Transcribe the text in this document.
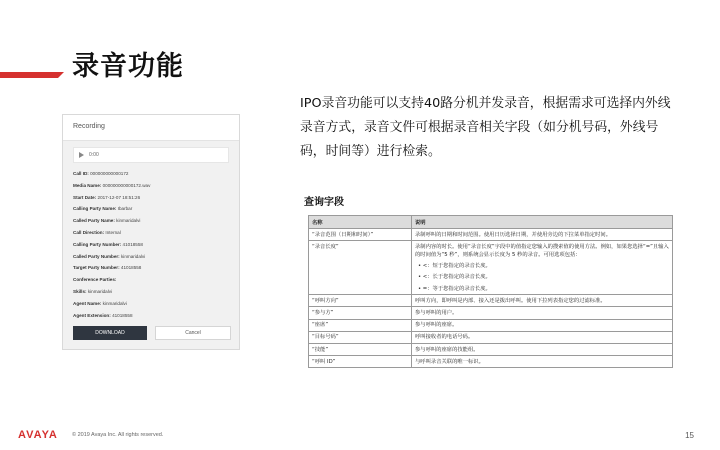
录音功能
Recording
0:00
Call ID: 000000000000172
Media Name: 000000000000172.wav
Start Date: 2017-12-07 18:51:26
Calling Party Name: Ibarbar
Called Party Name: kinmaridalvi
Call Direction: Internal
Calling Party Number: 41018558
Called Party Number: kinmaridalvi
Target Party Number: 41018558
Conference Parties:
Skills: kinmaridalvi
Agent Name: kinmaridalvi
Agent Extension: 41018558
DOWNLOAD	Cancel
IPO录音功能可以支持40路分机并发录音，根据需求可选择内外线录音方式，录音文件可根据录音相关字段（如分机号码，外线号码，时间等）进行检索。
查询字段
名称	说明
“录音范围（日期和时间）”	录制呼叫的日期和时间范围。使用日历选择日期，并使用旁边的下拉菜单指定时间。
“录音长度”	录制内容的时长。使用“录音长度”字段中的值指定您输入的搜索值的使用方法。例如，如果您选择“=”且输入的时间值为“5 秒”，则系统会显示长度为 5 秒的录音。可用选项包括：
• <：短于您指定的录音长度。
• <：长于您指定的录音长度。
• =：等于您指定的录音长度。

“呼叫方向”	呼叫方向，即呼叫是内部、接入还是拨出呼叫。使用下拉列表指定您的过滤标准。
“参与方”	参与呼叫的用户。
“座席”	参与呼叫的座席。
“目标号码”	呼叫接收者的电话号码。
“技能”	参与呼叫的座席的技能组。
“呼叫 ID”	与呼叫录音关联的唯一标识。
AVAYA	© 2019 Avaya Inc. All rights reserved.	15
